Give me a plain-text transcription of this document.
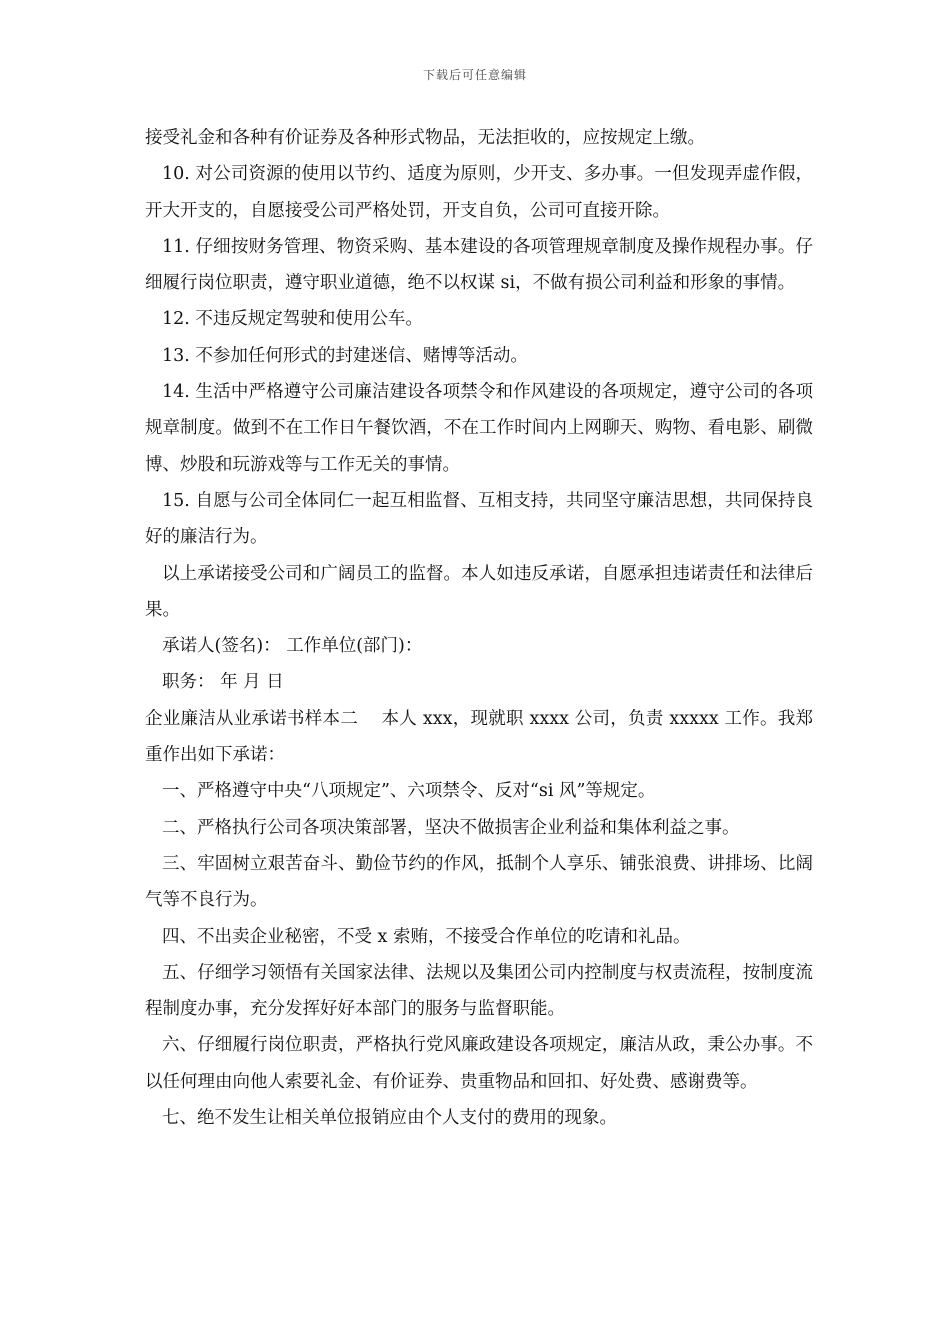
下载后可任意编辑

接受礼金和各种有价证券及各种形式物品，无法拒收的，应按规定上缴。

10. 对公司资源的使用以节约、适度为原则，少开支、多办事。一但发现弄虚作假，开大开支的，自愿接受公司严格处罚，开支自负，公司可直接开除。

11. 仔细按财务管理、物资采购、基本建设的各项管理规章制度及操作规程办事。仔细履行岗位职责，遵守职业道德，绝不以权谋 si，不做有损公司利益和形象的事情。

12. 不违反规定驾驶和使用公车。

13. 不参加任何形式的封建迷信、赌博等活动。

14. 生活中严格遵守公司廉洁建设各项禁令和作风建设的各项规定，遵守公司的各项规章制度。做到不在工作日午餐饮酒，不在工作时间内上网聊天、购物、看电影、刷微博、炒股和玩游戏等与工作无关的事情。

15. 自愿与公司全体同仁一起互相监督、互相支持，共同坚守廉洁思想，共同保持良好的廉洁行为。

以上承诺接受公司和广阔员工的监督。本人如违反承诺，自愿承担违诺责任和法律后果。

承诺人(签名)： 工作单位(部门)：

职务： 年 月 日

企业廉洁从业承诺书样本二　 本人 xxx，现就职 xxxx 公司，负责 xxxxx 工作。我郑重作出如下承诺：

一、严格遵守中央“八项规定”、六项禁令、反对“si 风”等规定。

二、严格执行公司各项决策部署，坚决不做损害企业利益和集体利益之事。

三、牢固树立艰苦奋斗、勤俭节约的作风，抵制个人享乐、铺张浪费、讲排场、比阔气等不良行为。

四、不出卖企业秘密，不受 x 索贿，不接受合作单位的吃请和礼品。

五、仔细学习领悟有关国家法律、法规以及集团公司内控制度与权责流程，按制度流程制度办事，充分发挥好好本部门的服务与监督职能。

六、仔细履行岗位职责，严格执行党风廉政建设各项规定，廉洁从政，秉公办事。不以任何理由向他人索要礼金、有价证券、贵重物品和回扣、好处费、感谢费等。

七、绝不发生让相关单位报销应由个人支付的费用的现象。
